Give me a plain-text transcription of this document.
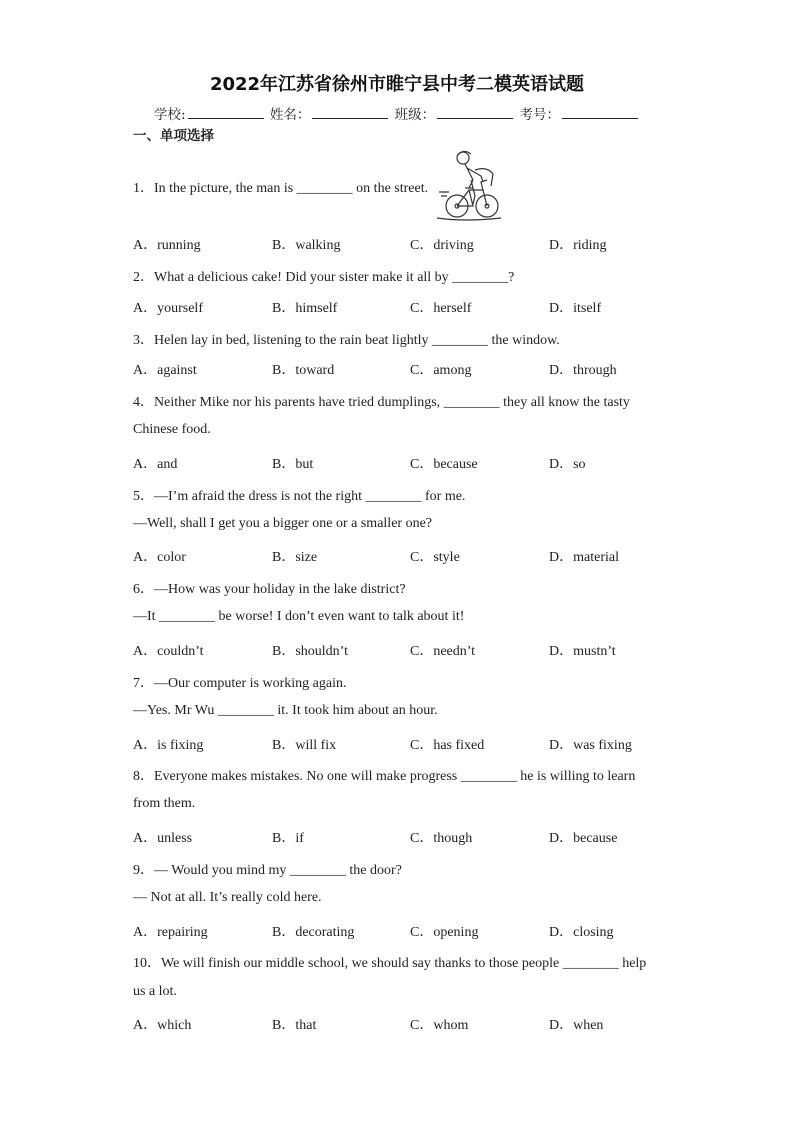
2022年江苏省徐州市睢宁县中考二模英语试题
学校:	姓名：	班级：	考号：
一、单项选择
1．In the picture, the man is ________ on the street.
A．running	B．walking	C．driving	D．riding
2．What a delicious cake! Did your sister make it all by ________?
A．yourself	B．himself	C．herself	D．itself
3．Helen lay in bed, listening to the rain beat lightly ________ the window.
A．against	B．toward	C．among	D．through
4．Neither Mike nor his parents have tried dumplings, ________ they all know the tasty
Chinese food.
A．and	B．but	C．because	D．so
5．—I’m afraid the dress is not the right ________ for me.
—Well, shall I get you a bigger one or a smaller one?
A．color	B．size	C．style	D．material
6．—How was your holiday in the lake district?
—It ________ be worse! I don’t even want to talk about it!
A．couldn’t	B．shouldn’t	C．needn’t	D．mustn’t
7．—Our computer is working again.
—Yes. Mr Wu ________ it. It took him about an hour.
A．is fixing	B．will fix	C．has fixed	D．was fixing
8．Everyone makes mistakes. No one will make progress ________ he is willing to learn
from them.
A．unless	B．if	C．though	D．because
9．— Would you mind my ________ the door?
— Not at all. It’s really cold here.
A．repairing	B．decorating	C．opening	D．closing
10．We will finish our middle school, we should say thanks to those people ________ help
us a lot.
A．which	B．that	C．whom	D．when
